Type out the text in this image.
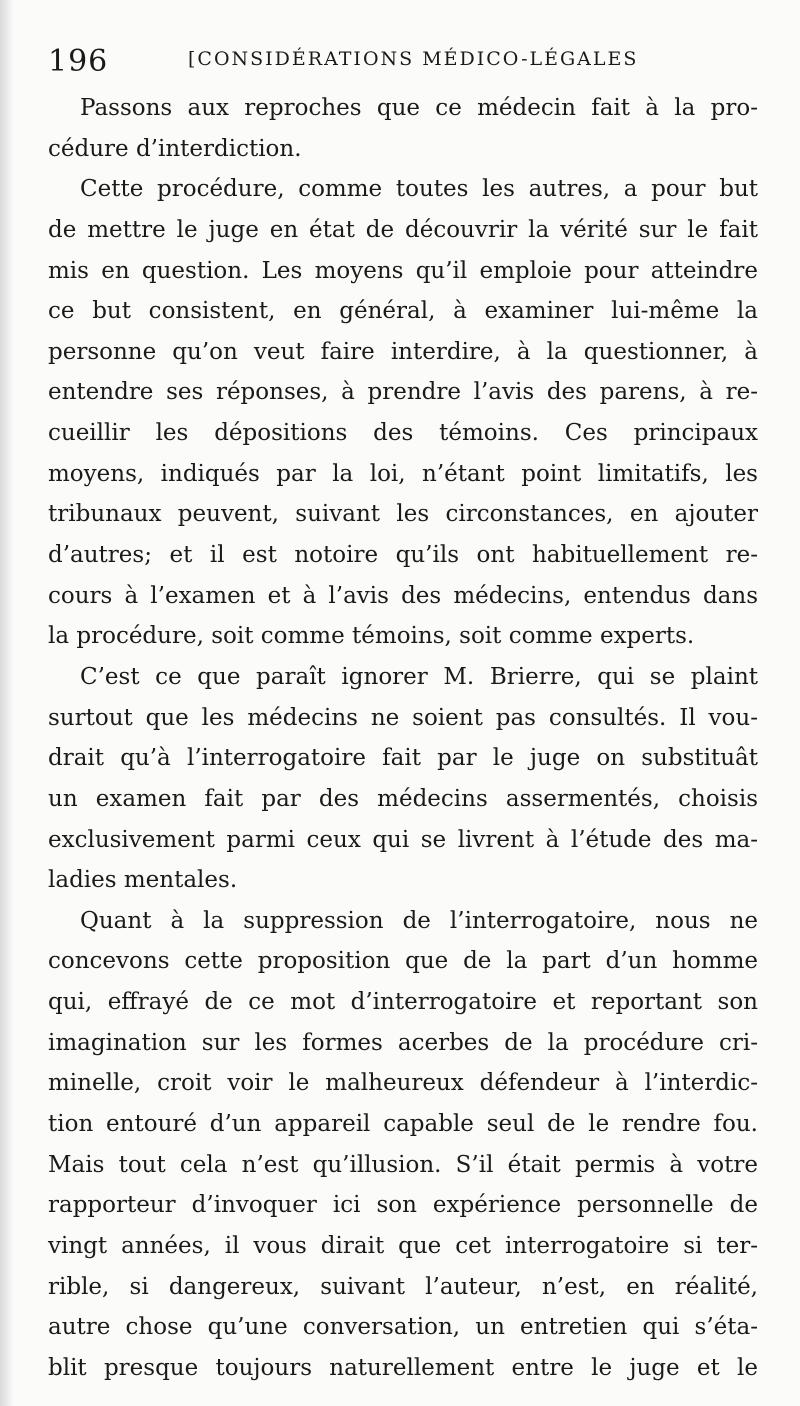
196	[CONSIDÉRATIONS MÉDICO-LÉGALES
Passons aux reproches que ce médecin fait à la pro-
cédure d’interdiction.
Cette procédure, comme toutes les autres, a pour but
de mettre le juge en état de découvrir la vérité sur le fait
mis en question. Les moyens qu’il emploie pour atteindre
ce but consistent, en général, à examiner lui-même la
personne qu’on veut faire interdire, à la questionner, à
entendre ses réponses, à prendre l’avis des parens, à re-
cueillir les dépositions des témoins. Ces principaux
moyens, indiqués par la loi, n’étant point limitatifs, les
tribunaux peuvent, suivant les circonstances, en ajouter
d’autres; et il est notoire qu’ils ont habituellement re-
cours à l’examen et à l’avis des médecins, entendus dans
la procédure, soit comme témoins, soit comme experts.
C’est ce que paraît ignorer M. Brierre, qui se plaint
surtout que les médecins ne soient pas consultés. Il vou-
drait qu’à l’interrogatoire fait par le juge on substituât
un examen fait par des médecins assermentés, choisis
exclusivement parmi ceux qui se livrent à l’étude des ma-
ladies mentales.
Quant à la suppression de l’interrogatoire, nous ne
concevons cette proposition que de la part d’un homme
qui, effrayé de ce mot d’interrogatoire et reportant son
imagination sur les formes acerbes de la procédure cri-
minelle, croit voir le malheureux défendeur à l’interdic-
tion entouré d’un appareil capable seul de le rendre fou.
Mais tout cela n’est qu’illusion. S’il était permis à votre
rapporteur d’invoquer ici son expérience personnelle de
vingt années, il vous dirait que cet interrogatoire si ter-
rible, si dangereux, suivant l’auteur, n’est, en réalité,
autre chose qu’une conversation, un entretien qui s’éta-
blit presque toujours naturellement entre le juge et le
